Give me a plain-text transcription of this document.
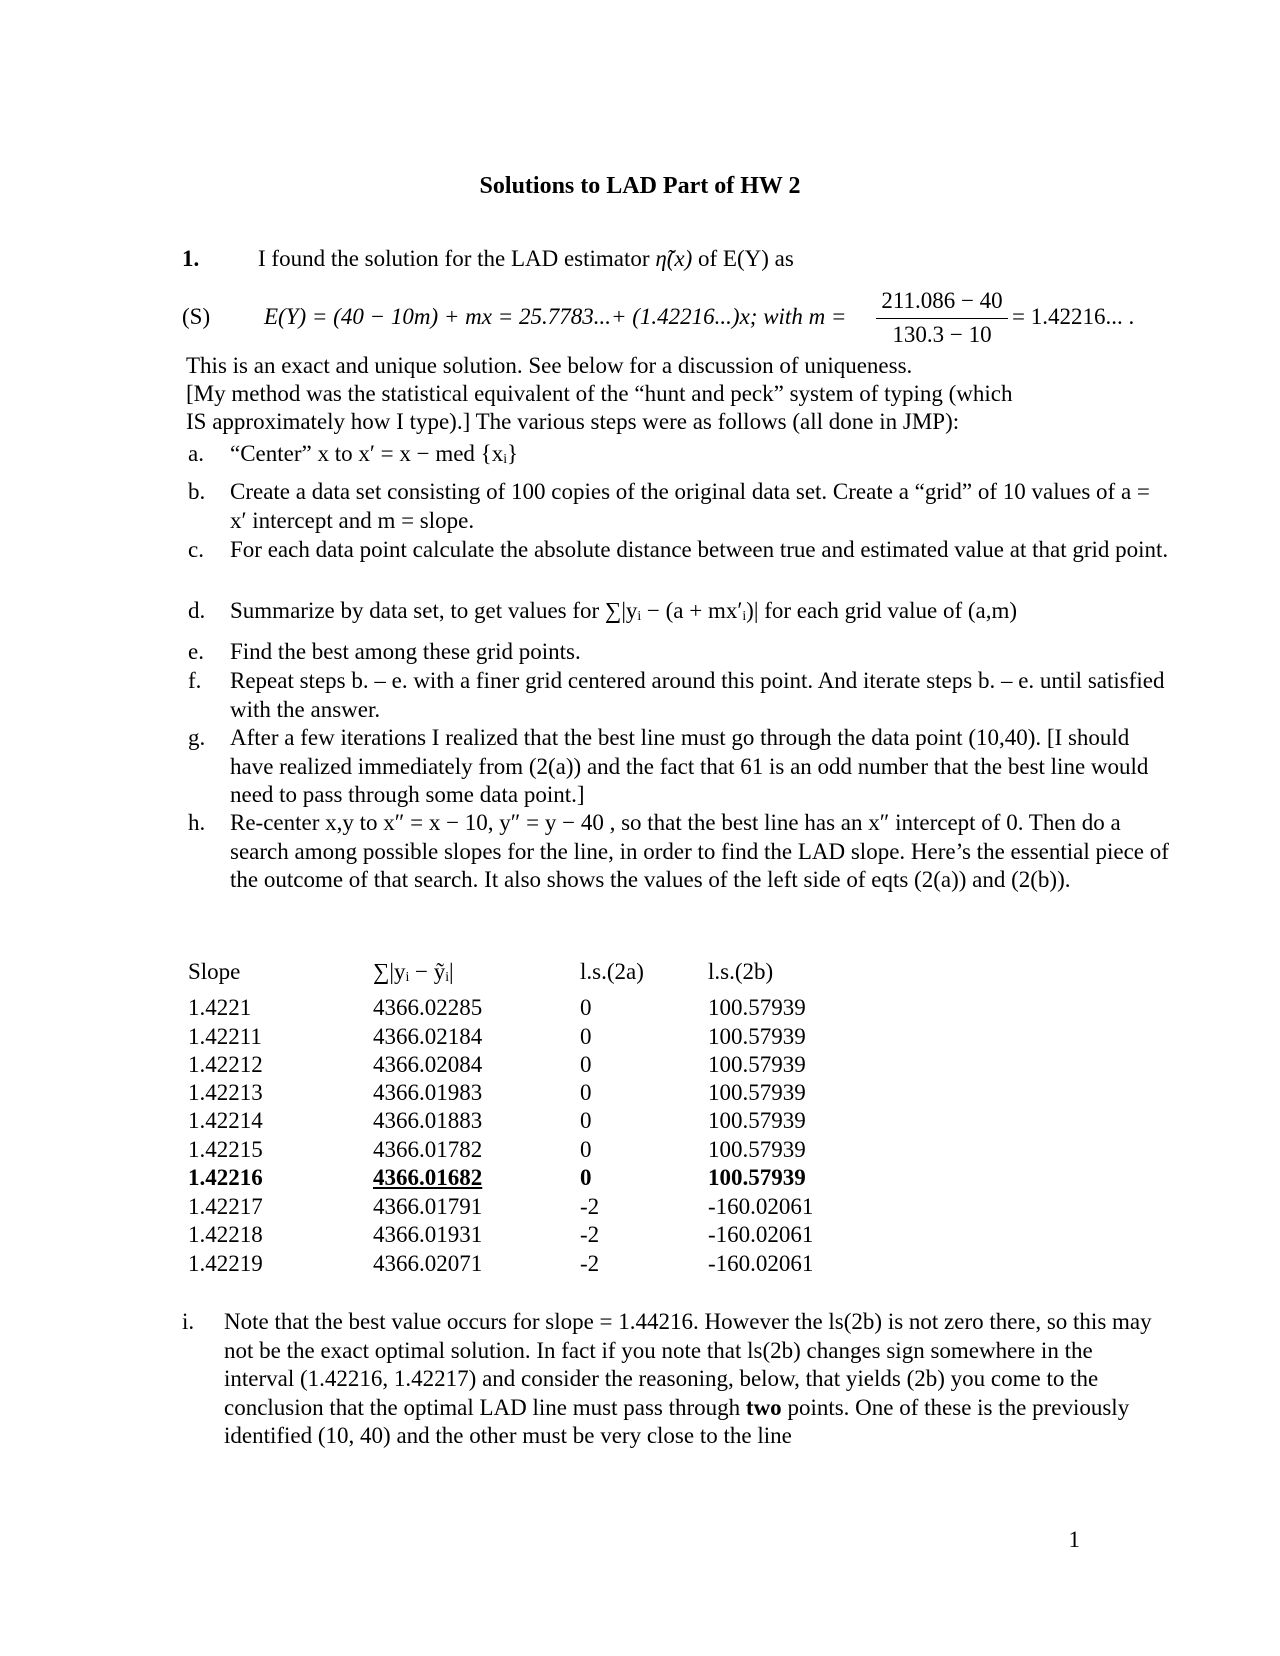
Solutions to LAD Part of HW 2
1.	I found the solution for the LAD estimator η̃(x) of E(Y) as
(S) E(Y) = (40 − 10m) + mx = 25.7783...+ (1.42216...)x; with m =
211.086 − 40
130.3 − 10
= 1.42216... .
This is an exact and unique solution. See below for a discussion of uniqueness.
[My method was the statistical equivalent of the “hunt and peck” system of typing (which
IS approximately how I type).] The various steps were as follows (all done in JMP):
a. “Center” x to x′ = x − med {xᵢ}
b. Create a data set consisting of 100 copies of the original data set. Create a “grid” of 10 values of a = x′ intercept and m = slope.
c. For each data point calculate the absolute distance between true and estimated value at that grid point.
d. Summarize by data set, to get values for ∑|yᵢ − (a + mx′ᵢ)| for each grid value of (a,m)
e. Find the best among these grid points.
f. Repeat steps b. – e. with a finer grid centered around this point. And iterate steps b. – e. until satisfied with the answer.
g. After a few iterations I realized that the best line must go through the data point (10,40). [I should have realized immediately from (2(a)) and the fact that 61 is an odd number that the best line would need to pass through some data point.]
h. Re-center x,y to x″ = x − 10, y″ = y − 40 , so that the best line has an x″ intercept of 0. Then do a search among possible slopes for the line, in order to find the LAD slope. Here’s the essential piece of the outcome of that search. It also shows the values of the left side of eqts (2(a)) and (2(b)).
Slope	∑|yᵢ − ỹᵢ|	l.s.(2a)	l.s.(2b)
1.4221	4366.02285	0	100.57939
1.42211	4366.02184	0	100.57939
1.42212	4366.02084	0	100.57939
1.42213	4366.01983	0	100.57939
1.42214	4366.01883	0	100.57939
1.42215	4366.01782	0	100.57939
1.42216	4366.01682	0	100.57939
1.42217	4366.01791	-2	-160.02061
1.42218	4366.01931	-2	-160.02061
1.42219	4366.02071	-2	-160.02061
i. Note that the best value occurs for slope = 1.44216. However the ls(2b) is not zero there, so this may not be the exact optimal solution. In fact if you note that ls(2b) changes sign somewhere in the interval (1.42216, 1.42217) and consider the reasoning, below, that yields (2b) you come to the conclusion that the optimal LAD line must pass through two points. One of these is the previously identified (10, 40) and the other must be very close to the line
1
